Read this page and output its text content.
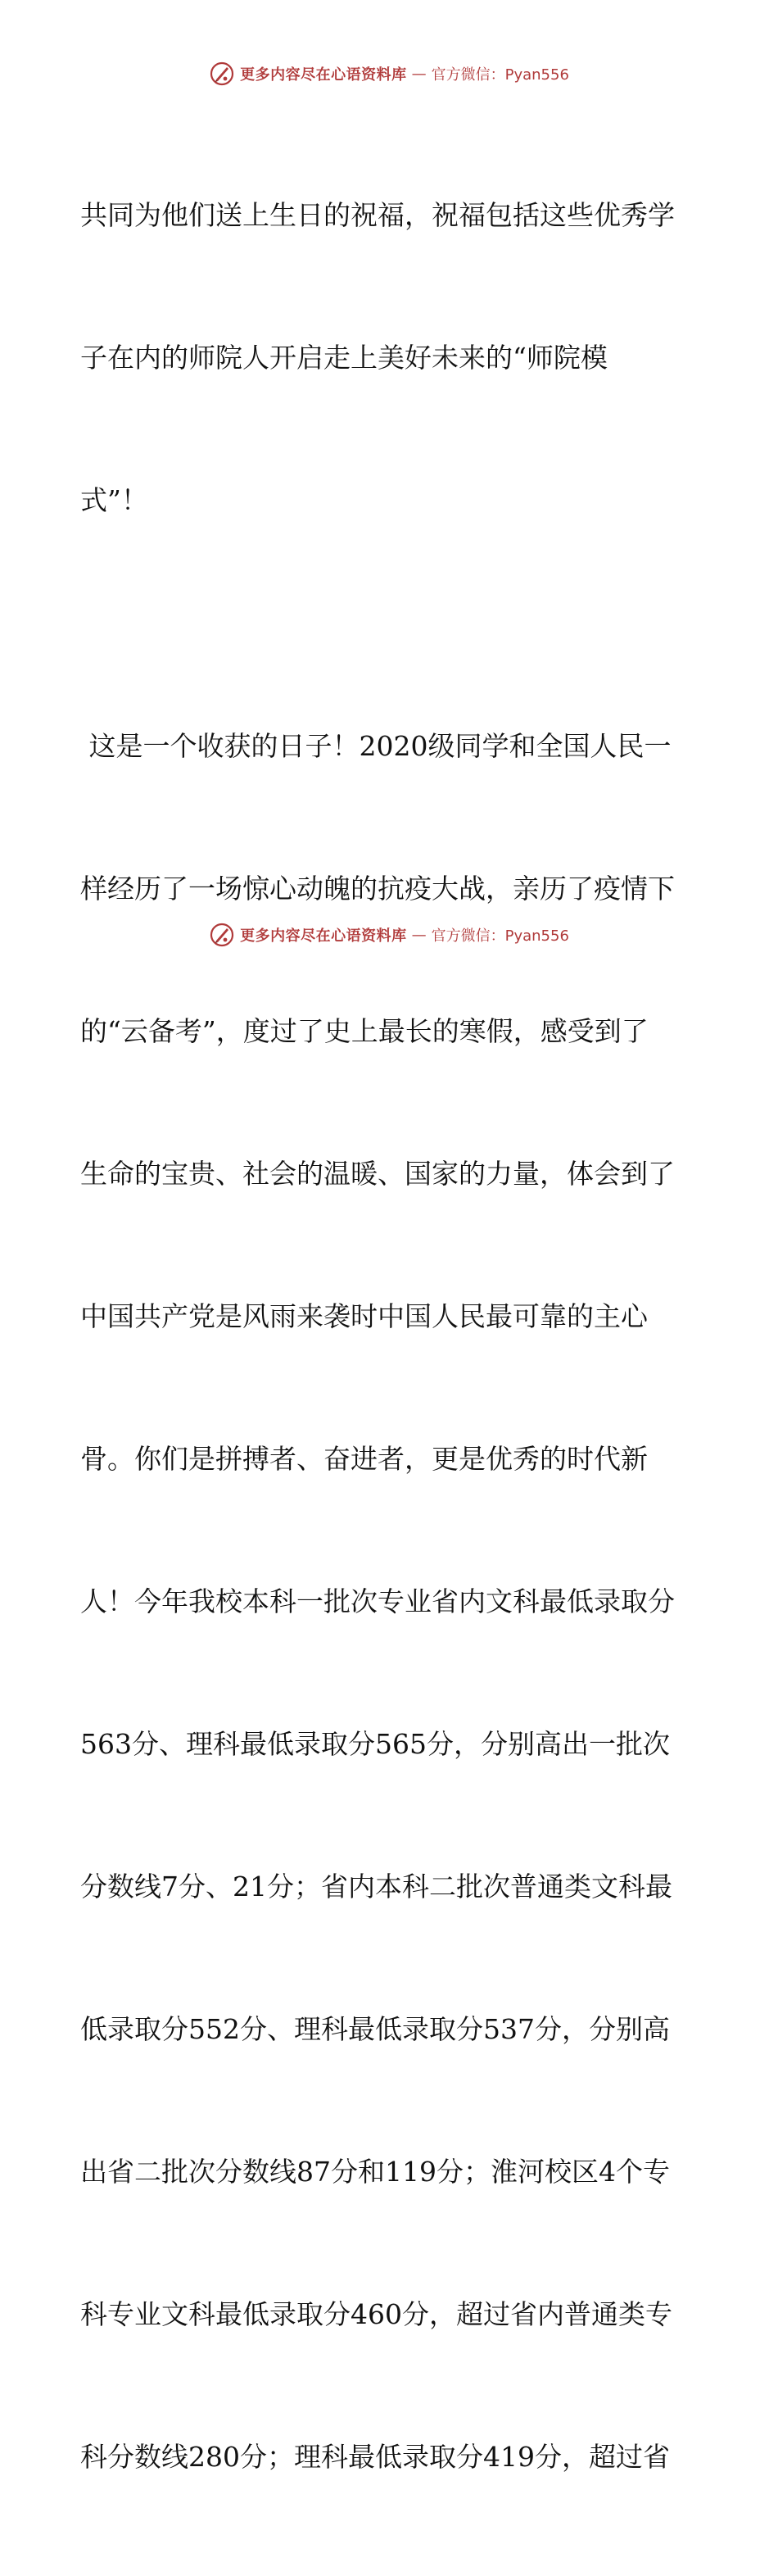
更多内容尽在心语资料库 — 官方微信：Pyan556

共同为他们送上生日的祝福，祝福包括这些优秀学

子在内的师院人开启走上美好未来的“师院模

式”！

这是一个收获的日子！2020级同学和全国人民一

样经历了一场惊心动魄的抗疫大战，亲历了疫情下

的“云备考”，度过了史上最长的寒假，感受到了

生命的宝贵、社会的温暖、国家的力量，体会到了

中国共产党是风雨来袭时中国人民最可靠的主心

骨。你们是拼搏者、奋进者，更是优秀的时代新

人！今年我校本科一批次专业省内文科最低录取分

563分、理科最低录取分565分，分别高出一批次

分数线7分、21分；省内本科二批次普通类文科最

低录取分552分、理科最低录取分537分，分别高

出省二批次分数线87分和119分；淮河校区4个专

科专业文科最低录取分460分，超过省内普通类专

科分数线280分；理科最低录取分419分，超过省

更多内容尽在心语资料库 — 官方微信：Pyan556
